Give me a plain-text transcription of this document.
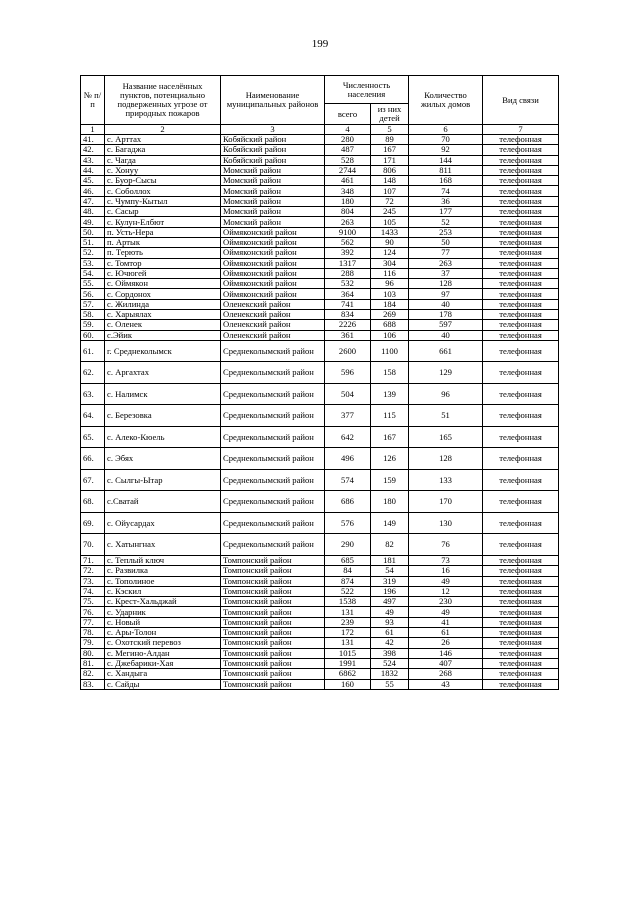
199
№ п/п	Название населённых пунктов, потенциально подверженных угрозе от природных пожаров	Наименование муниципальных районов	Численность населения		Количество жилых домов	Вид связи
			всего	из них детей		
1	2	3	4	5	6	7
41.	с. Арттах	Кобяйский район	280	89	70	телефонная
42.	с. Багаджа	Кобяйский район	487	167	92	телефонная
43.	с. Чагда	Кобяйский район	528	171	144	телефонная
44.	с. Хонуу	Момский район	2744	806	811	телефонная
45.	с. Буор-Сысы	Момский район	461	148	168	телефонная
46.	с. Соболлох	Момский район	348	107	74	телефонная
47.	с. Чумпу-Кытыл	Момский район	180	72	36	телефонная
48.	с. Сасыр	Момский район	804	245	177	телефонная
49.	с. Кулун-Елбют	Момский район	263	105	52	телефонная
50.	п. Усть-Нера	Оймяконский район	9100	1433	253	телефонная
51.	п. Артык	Оймяконский район	562	90	50	телефонная
52.	п. Терють	Оймяконский район	392	124	77	телефонная
53.	с. Томтор	Оймяконский район	1317	304	263	телефонная
54.	с. Ючюгей	Оймяконский район	288	116	37	телефонная
55.	с. Оймякон	Оймяконский район	532	96	128	телефонная
56.	с. Сордонох	Оймяконский район	364	103	97	телефонная
57.	с. Жилинда	Оленекский район	741	184	40	телефонная
58.	с. Харыялах	Оленекский район	834	269	178	телефонная
59.	с. Оленек	Оленекский район	2226	688	597	телефонная
60.	с.Эйик	Оленекский район	361	106	40	телефонная
61.	г. Среднеколымск	Среднеколымский район	2600	1100	661	телефонная
62.	с. Аргахтах	Среднеколымский район	596	158	129	телефонная
63.	с. Налимск	Среднеколымский район	504	139	96	телефонная
64.	с. Березовка	Среднеколымский район	377	115	51	телефонная
65.	с. Алеко-Кюель	Среднеколымский район	642	167	165	телефонная
66.	с. Эбях	Среднеколымский район	496	126	128	телефонная
67.	с. Сылгы-Ытар	Среднеколымский район	574	159	133	телефонная
68.	с.Сватай	Среднеколымский район	686	180	170	телефонная
69.	с. Ойусардах	Среднеколымский район	576	149	130	телефонная
70.	с. Хатынгнах	Среднеколымский район	290	82	76	телефонная
71.	с. Теплый ключ	Томпонский район	685	181	73	телефонная
72.	с. Развилка	Томпонский район	84	54	16	телефонная
73.	с. Тополиное	Томпонский район	874	319	49	телефонная
74.	с. Кэскил	Томпонский район	522	196	12	телефонная
75.	с. Крест-Хальджай	Томпонский район	1538	497	230	телефонная
76.	с. Ударник	Томпонский район	131	49	49	телефонная
77.	с. Новый	Томпонский район	239	93	41	телефонная
78.	с. Ары-Толон	Томпонский район	172	61	61	телефонная
79.	с. Охотский перевоз	Томпонский район	131	42	26	телефонная
80.	с. Мегино-Алдан	Томпонский район	1015	398	146	телефонная
81.	с. Джебарики-Хая	Томпонский район	1991	524	407	телефонная
82.	с. Хандыга	Томпонский район	6862	1832	268	телефонная
83.	с. Сайды	Томпонский район	160	55	43	телефонная
